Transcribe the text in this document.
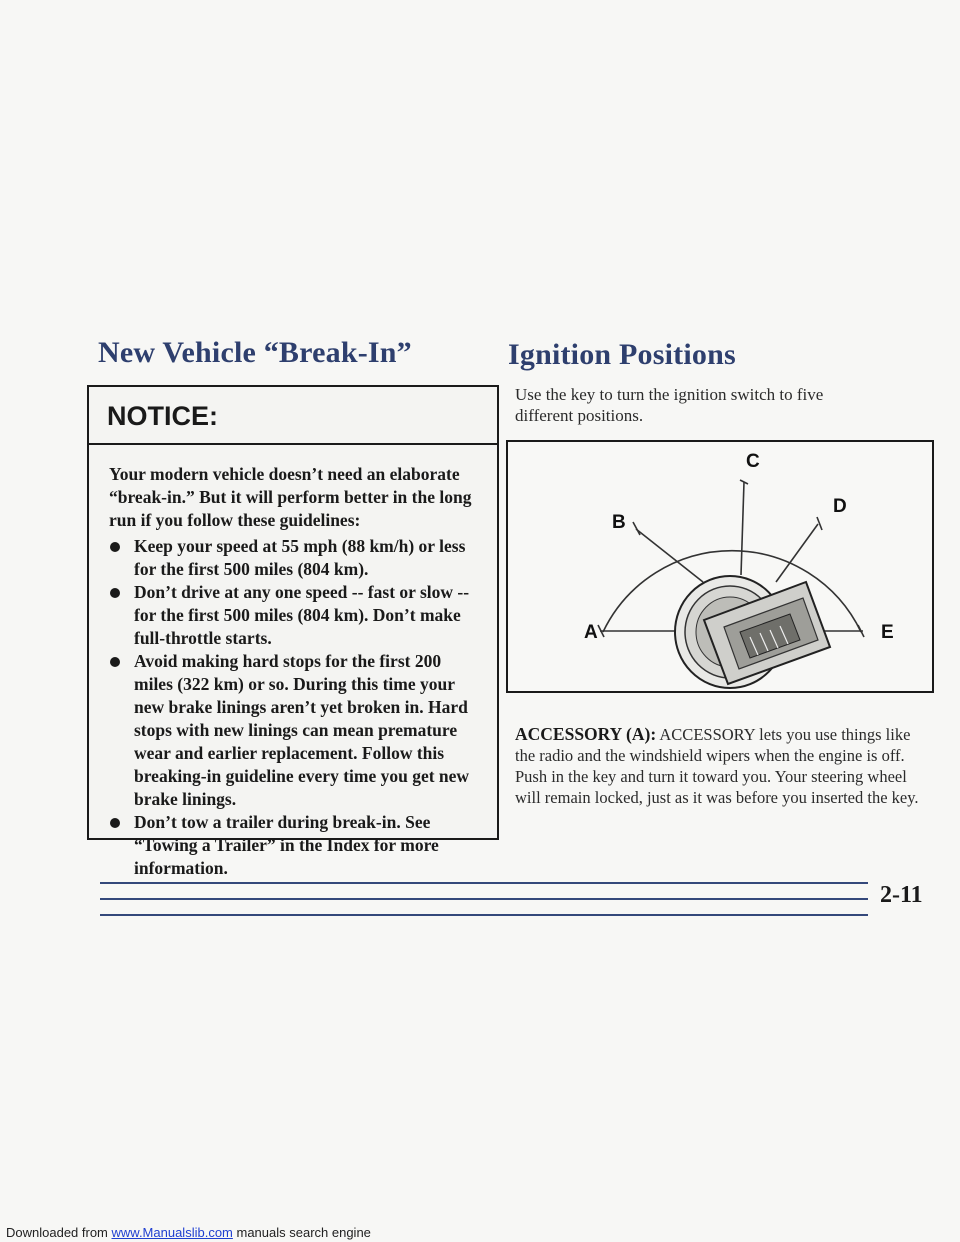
New Vehicle “Break-In”
NOTICE:

Your modern vehicle doesn’t need an elaborate “break-in.” But it will perform better in the long run if you follow these guidelines:

Keep your speed at 55 mph (88 km/h) or less for the first 500 miles (804 km).
Don’t drive at any one speed -- fast or slow -- for the first 500 miles (804 km). Don’t make full-throttle starts.
Avoid making hard stops for the first 200 miles (322 km) or so. During this time your new brake linings aren’t yet broken in. Hard stops with new linings can mean premature wear and earlier replacement. Follow this breaking-in guideline every time you get new brake linings.
Don’t tow a trailer during break-in. See “Towing a Trailer” in the Index for more information.
Ignition Positions
Use the key to turn the ignition switch to five different positions.
A
B
C
D
E
ACCESSORY (A): ACCESSORY lets you use things like the radio and the windshield wipers when the engine is off. Push in the key and turn it toward you. Your steering wheel will remain locked, just as it was before you inserted the key.
2-11
Downloaded from www.Manualslib.com manuals search engine
